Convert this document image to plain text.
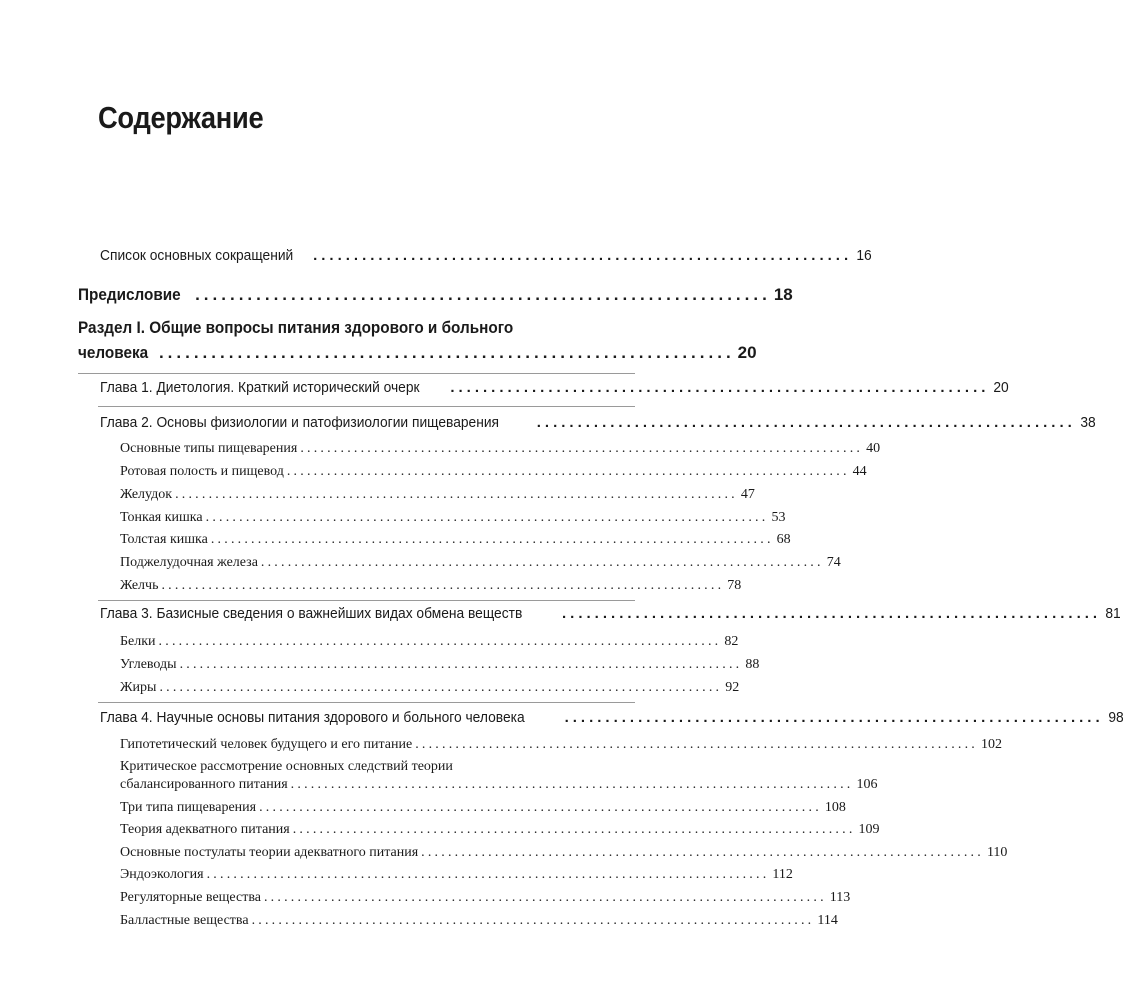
Содержание
Список основных сокращений .................................................................. 16
Предисловие .................................................................. 18
Раздел I. Общие вопросы питания здорового и больного
человека .................................................................. 20
Глава 1. Диетология. Краткий исторический очерк .................................................................. 20
Глава 2. Основы физиологии и патофизиологии пищеварения	.................................................................. 38
Основные типы пищеварения .................................................................................... 40
Ротовая полость и пищевод .................................................................................... 44
Желудок .................................................................................... 47
Тонкая кишка .................................................................................... 53
Толстая кишка .................................................................................... 68
Поджелудочная железа .................................................................................... 74
Желчь .................................................................................... 78
Глава 3. Базисные сведения о важнейших видах обмена веществ	.................................................................. 81
Белки .................................................................................... 82
Углеводы .................................................................................... 88
Жиры .................................................................................... 92
Глава 4. Научные основы питания здорового и больного человека	.................................................................. 98
Гипотетический человек будущего и его питание .................................................................................... 102
Критическое рассмотрение основных следствий теории
сбалансированного питания .................................................................................... 106
Три типа пищеварения .................................................................................... 108
Теория адекватного питания .................................................................................... 109
Основные постулаты теории адекватного питания .................................................................................... 110
Эндоэкология .................................................................................... 112
Регуляторные вещества .................................................................................... 113
Балластные вещества .................................................................................... 114
